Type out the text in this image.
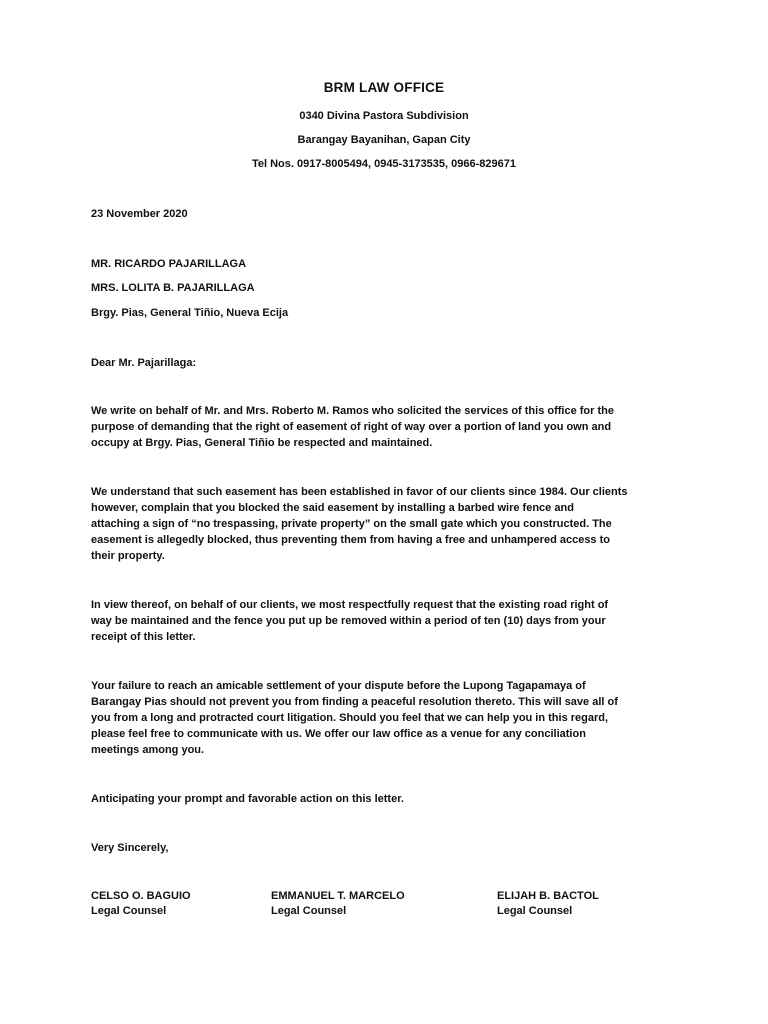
BRM LAW OFFICE
0340 Divina Pastora Subdivision
Barangay Bayanihan, Gapan City
Tel Nos. 0917-8005494, 0945-3173535, 0966-829671
23 November 2020
MR. RICARDO PAJARILLAGA
MRS. LOLITA B. PAJARILLAGA
Brgy. Pias, General Tiñio, Nueva Ecija
Dear Mr. Pajarillaga:
We write on behalf of Mr. and Mrs. Roberto M. Ramos who solicited the services of this office for the
purpose of demanding that the right of easement of right of way over a portion of land you own and
occupy at Brgy. Pias, General Tiñio be respected and maintained.
We understand that such easement has been established in favor of our clients since 1984. Our clients
however, complain that you blocked the said easement by installing a barbed wire fence and
attaching a sign of “no trespassing, private property” on the small gate which you constructed. The
easement is allegedly blocked, thus preventing them from having a free and unhampered access to
their property.
In view thereof, on behalf of our clients, we most respectfully request that the existing road right of
way be maintained and the fence you put up be removed within a period of ten (10) days from your
receipt of this letter.
Your failure to reach an amicable settlement of your dispute before the Lupong Tagapamaya of
Barangay Pias should not prevent you from finding a peaceful resolution thereto. This will save all of
you from a long and protracted court litigation. Should you feel that we can help you in this regard,
please feel free to communicate with us. We offer our law office as a venue for any conciliation
meetings among you.
Anticipating your prompt and favorable action on this letter.
Very Sincerely,
CELSO O. BAGUIO
Legal Counsel
EMMANUEL T. MARCELO
Legal Counsel
ELIJAH B. BACTOL
Legal Counsel
